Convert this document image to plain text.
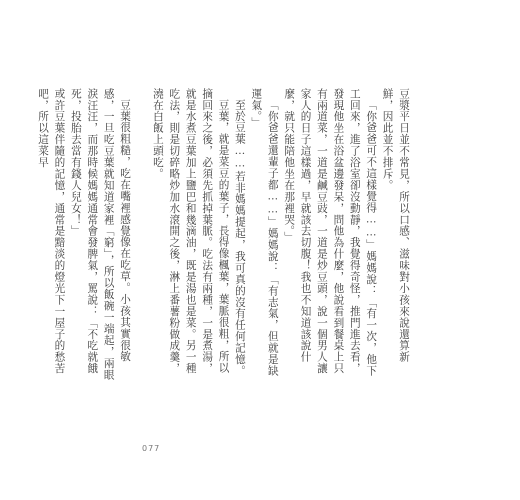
豆漿平日並不常見，所以口感、滋味對小孩來說還算新鮮，因此並不排斥。

「你爸爸可不這樣覺得……」媽媽說：「有一次，他下工回來，進了浴室卻沒動靜，我覺得奇怪，推門進去看，發現他坐在浴盆邊發呆，問他為什麼，他說看到餐桌上只有兩道菜，一道是鹹豆豉，一道是炒豆頭，說一個男人讓家人的日子這樣過，早就該去切腹！我也不知道該說什麼，就只能陪他坐在那裡哭。」

「你爸爸還輩子都……」媽媽說：「有志氣，但就是缺運氣。」

至於豆葉……若非媽媽提起，我可真的沒有任何記憶。

豆葉，就是菜豆的葉子，長得像楓葉，葉脈很粗，所以摘回來之後，必須先抓掉葉脈。吃法有兩種，一是煮湯，就是水煮豆葉加上鹽巴和幾滴油，既是湯也是菜。另一種吃法，則是切碎略炒加水滾開之後，淋上番薯粉做成羹，澆在白飯上頭吃。

豆葉很粗糙，吃在嘴裡感覺像在吃草。小孩其實很敏感，一旦吃豆葉就知道家裡「窮」，所以飯碗一端起，兩眼淚汪汪，而那時候媽媽通常會發脾氣，罵說：「不吃就餓死，投胎去當有錢人兒女！」

或許豆葉伴隨的記憶，通常是黯淡的燈光下一屋子的愁苦吧，所以這菜早

077
